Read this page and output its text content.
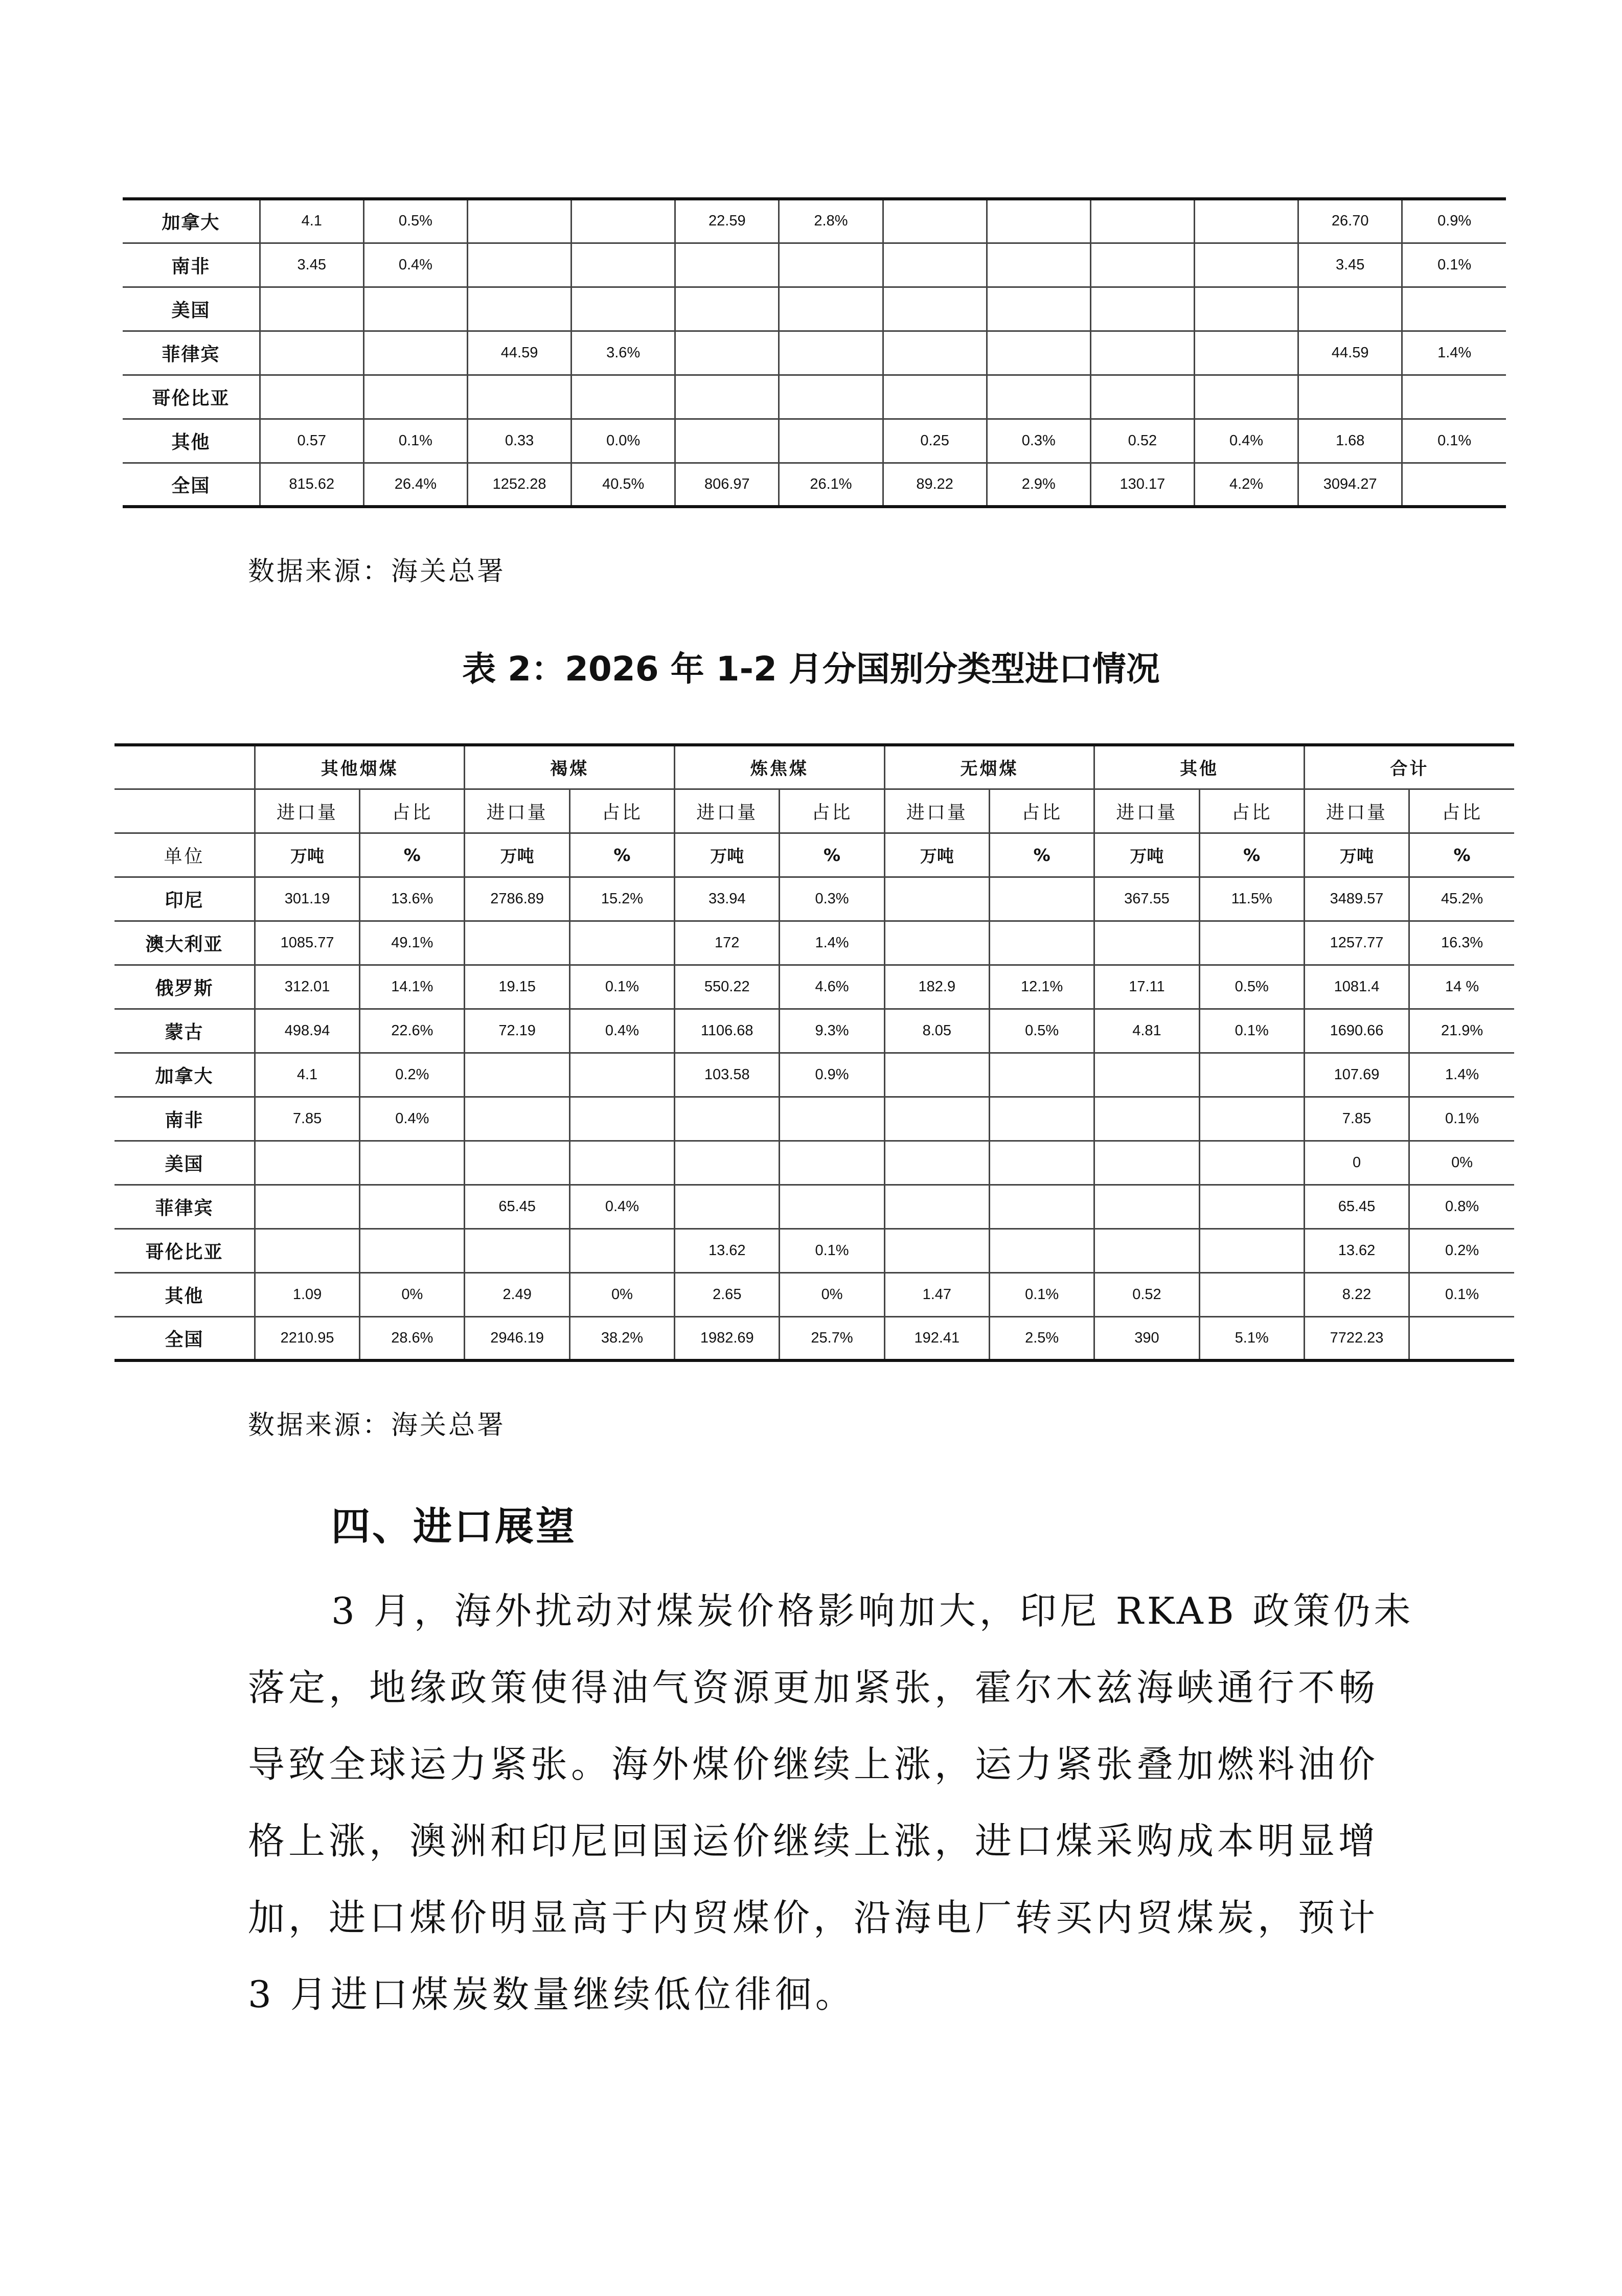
加拿大	4.1	0.5%			22.59	2.8%					26.70	0.9%
南非	3.45	0.4%									3.45	0.1%
美国												
菲律宾			44.59	3.6%							44.59	1.4%
哥伦比亚												
其他	0.57	0.1%	0.33	0.0%			0.25	0.3%	0.52	0.4%	1.68	0.1%
全国	815.62	26.4%	1252.28	40.5%	806.97	26.1%	89.22	2.9%	130.17	4.2%	3094.27	
数据来源：海关总署
表 2：2026 年 1-2 月分国别分类型进口情况
	其他烟煤		褐煤		炼焦煤		无烟煤		其他		合计	
	进口量	占比	进口量	占比	进口量	占比	进口量	占比	进口量	占比	进口量	占比
单位	万吨	%	万吨	%	万吨	%	万吨	%	万吨	%	万吨	%
印尼	301.19	13.6%	2786.89	15.2%	33.94	0.3%			367.55	11.5%	3489.57	45.2%
澳大利亚	1085.77	49.1%			172	1.4%					1257.77	16.3%
俄罗斯	312.01	14.1%	19.15	0.1%	550.22	4.6%	182.9	12.1%	17.11	0.5%	1081.4	14 %
蒙古	498.94	22.6%	72.19	0.4%	1106.68	9.3%	8.05	0.5%	4.81	0.1%	1690.66	21.9%
加拿大	4.1	0.2%			103.58	0.9%					107.69	1.4%
南非	7.85	0.4%									7.85	0.1%
美国											0	0%
菲律宾			65.45	0.4%							65.45	0.8%
哥伦比亚					13.62	0.1%					13.62	0.2%
其他	1.09	0%	2.49	0%	2.65	0%	1.47	0.1%	0.52		8.22	0.1%
全国	2210.95	28.6%	2946.19	38.2%	1982.69	25.7%	192.41	2.5%	390	5.1%	7722.23	
数据来源：海关总署
四、进口展望
3 月，海外扰动对煤炭价格影响加大，印尼 RKAB 政策仍未
落定，地缘政策使得油气资源更加紧张，霍尔木兹海峡通行不畅
导致全球运力紧张。海外煤价继续上涨，运力紧张叠加燃料油价
格上涨，澳洲和印尼回国运价继续上涨，进口煤采购成本明显增
加，进口煤价明显高于内贸煤价，沿海电厂转买内贸煤炭，预计
3 月进口煤炭数量继续低位徘徊。
